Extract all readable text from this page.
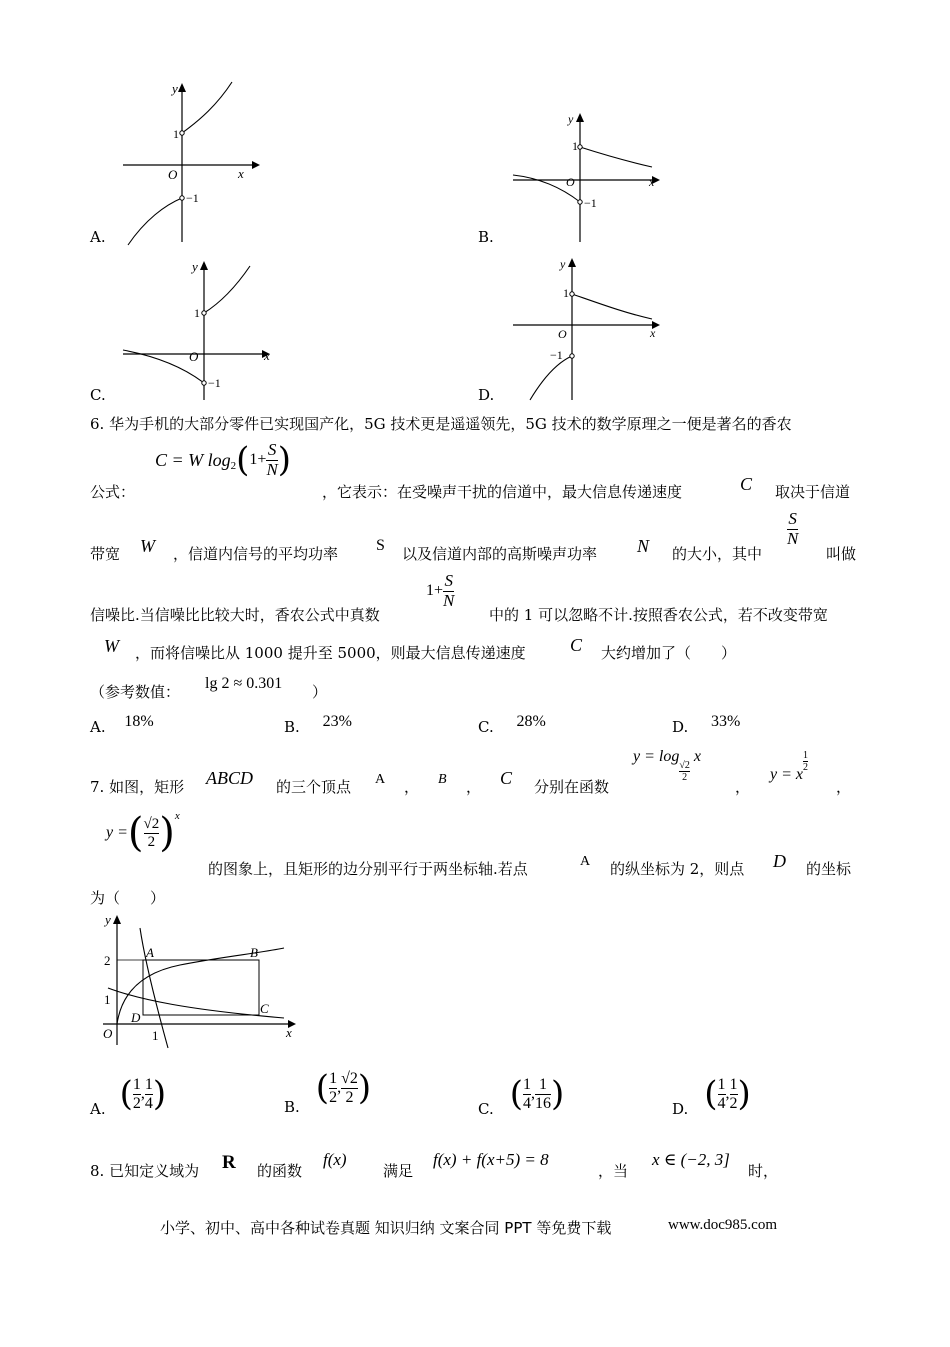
A.
y
x
O
1
−1
B.
y
x
O
1
−1
C.
y
x
O
1
−1
D.
y
x
O
1
−1
6. 华为手机的大部分零件已实现国产化，5G 技术更是遥遥领先，5G 技术的数学原理之一便是著名的香农
公式：
C = W log 2 ( $1+ \frac{S}{N}$ )
，它表示：在受噪声干扰的信道中，最大信息传递速度	C 取决于信道
带宽 W ，信道内信号的平均功率 S 以及信道内部的高斯噪声功率 N 的大小，其中
S
N
叫做
信噪比.当信噪比比较大时，香农公式中真数
$1+ \frac{S}{N}$
中的 1 可以忽略不计.按照香农公式，若不改变带宽
W ，而将信噪比从 1000 提升至 5000，则最大信息传递速度 C 大约增加了（　　）
（参考数值： lg 2 ≈ 0.301 ）
A. 18%	B. 23%	C. 28%	D. 33%
7. 如图，矩形 ABCD 的三个顶点 A ， B ， C 分别在函数
y = log
$\frac{√2}{2}$
x
，
y = x
$\frac{1}{2}$
，
y = ( $\frac{√2}{2}$ ) x
的图象上，且矩形的边分别平行于两坐标轴.若点	A 的纵坐标为 2，则点 D 的坐标
为（　　）
y
x
O
2
1
1
A	B
C
D
A. ( $\frac{1}{2}$ , $\frac{1}{4}$ )	B. ( $\frac{1}{2}$ , $\frac{√2}{2}$ )
C. ( $\frac{1}{4}$ , $\frac{1}{16}$ )	D. ( $\frac{1}{4}$ , $\frac{1}{2}$ )
8. 已知定义域为 R 的函数
f(x)
满足
f(x) + f(x+5) = 8
，当
x ∈ (−2, 3]
时，
小学、初中、高中各种试卷真题 知识归纳 文案合同 PPT 等免费下载	www.doc985.com
